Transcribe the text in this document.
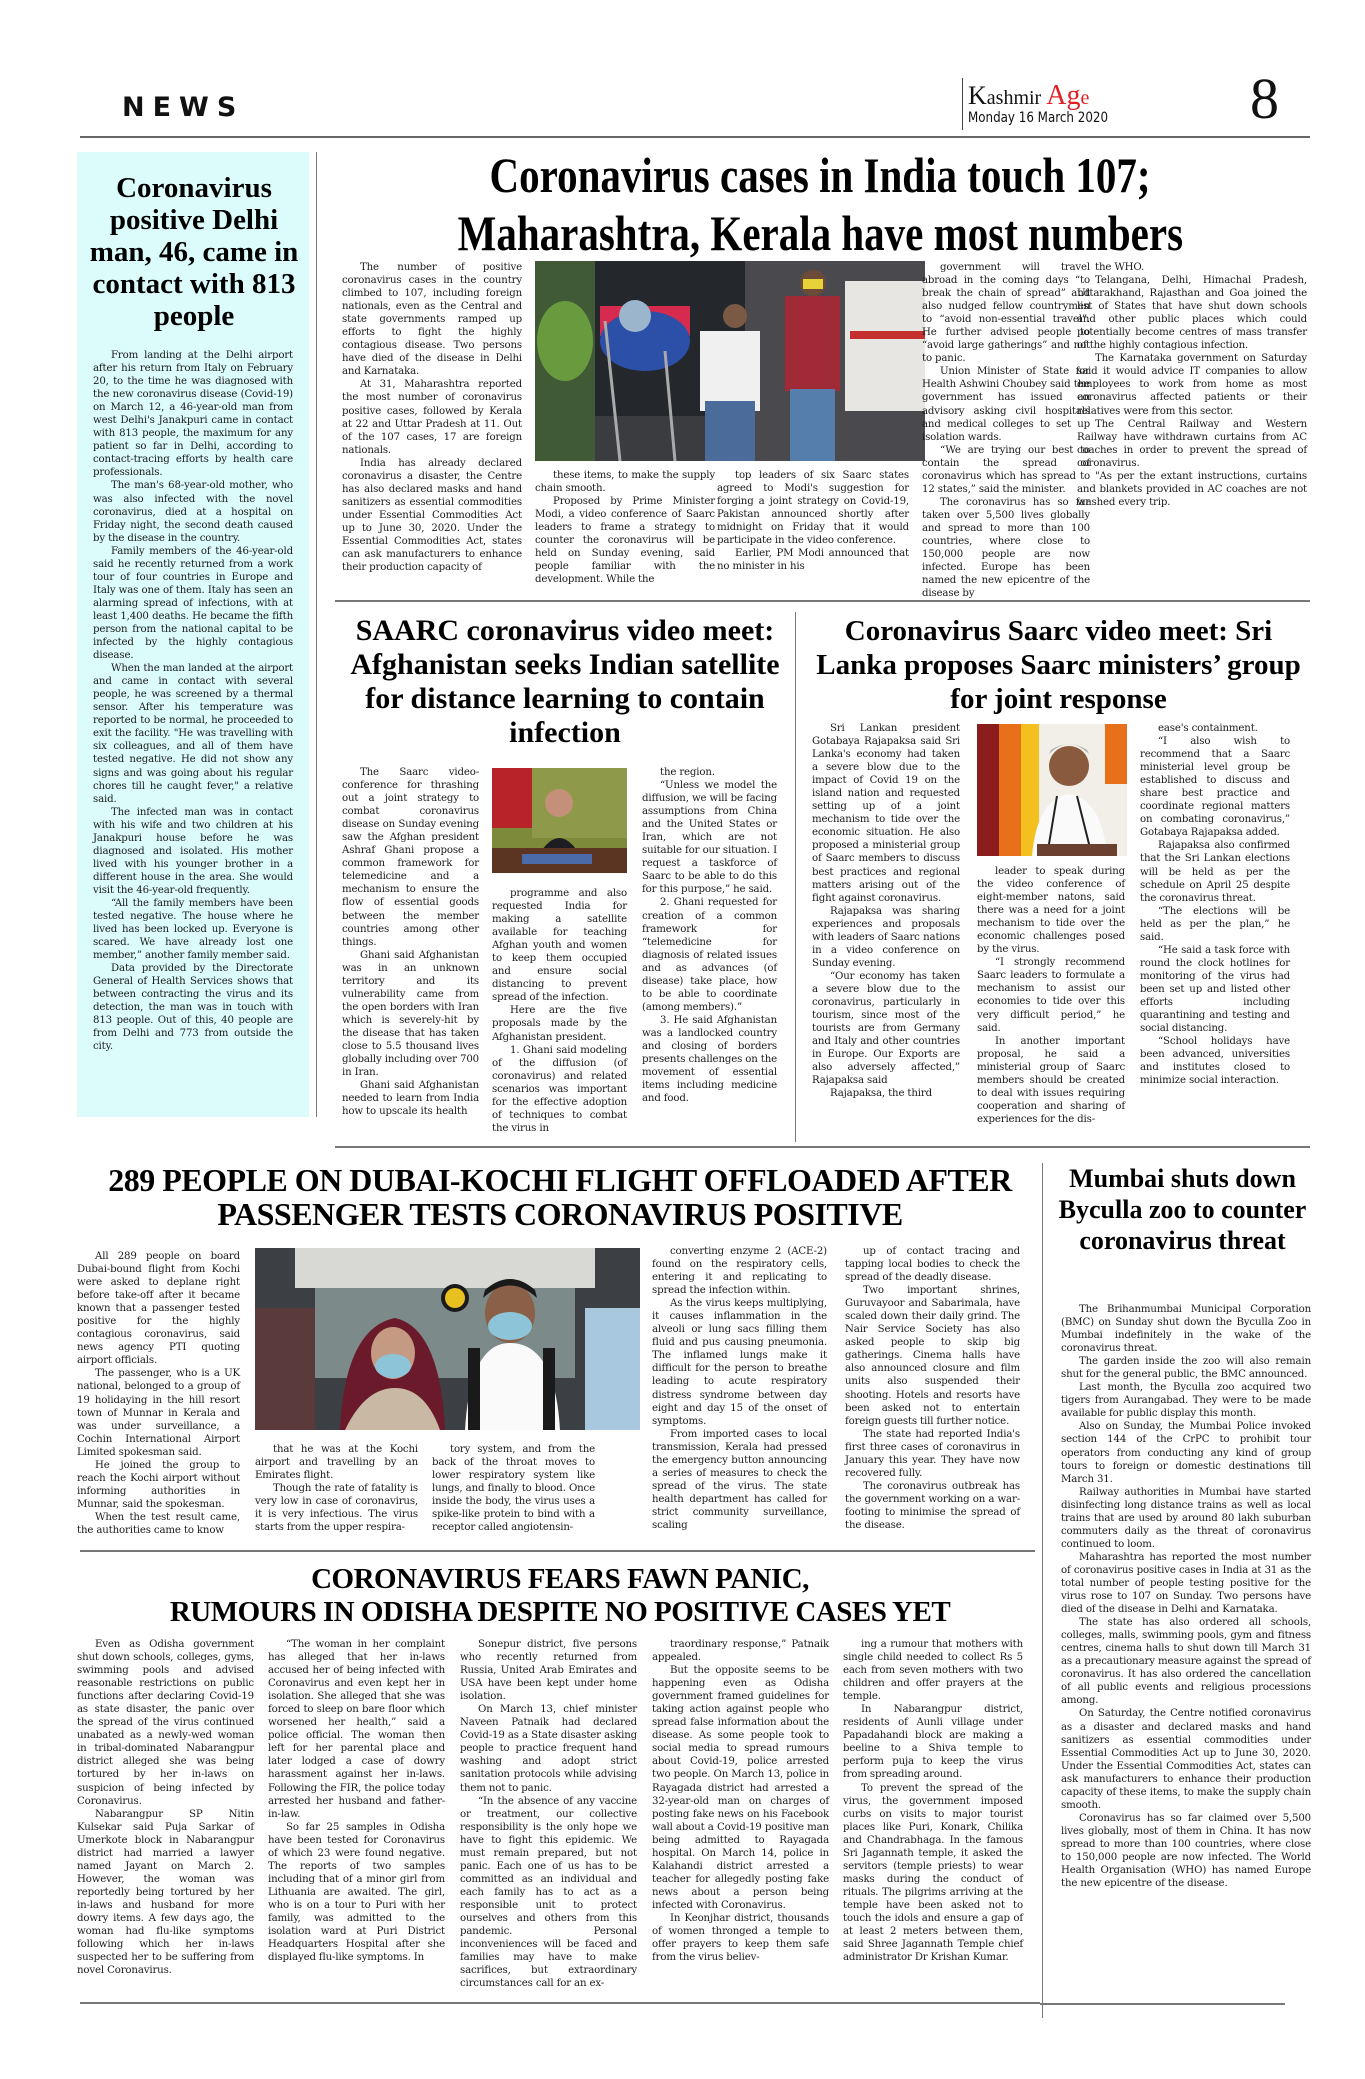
NEWS	Kashmir Age
Monday 16 March 2020 8
Coronavirus positive Delhi man, 46, came in contact with 813 people

From landing at the Delhi airport after his return from Italy on February 20, to the time he was diagnosed with the new coronavirus disease (Covid-19) on March 12, a 46-year-old man from west Delhi's Janakpuri came in contact with 813 people, the maximum for any patient so far in Delhi, according to contact-tracing efforts by health care professionals.

The man's 68-year-old mother, who was also infected with the novel coronavirus, died at a hospital on Friday night, the second death caused by the disease in the country.

Family members of the 46-year-old said he recently returned from a work tour of four countries in Europe and Italy was one of them. Italy has seen an alarming spread of infections, with at least 1,400 deaths. He became the fifth person from the national capital to be infected by the highly contagious disease.

When the man landed at the airport and came in contact with several people, he was screened by a thermal sensor. After his temperature was reported to be normal, he proceeded to exit the facility. "He was travelling with six colleagues, and all of them have tested negative. He did not show any signs and was going about his regular chores till he caught fever," a relative said.

The infected man was in contact with his wife and two children at his Janakpuri house before he was diagnosed and isolated. His mother lived with his younger brother in a different house in the area. She would visit the 46-year-old frequently.

“All the family members have been tested negative. The house where he lived has been locked up. Everyone is scared. We have already lost one member,” another family member said.

Data provided by the Directorate General of Health Services shows that between contracting the virus and its detection, the man was in touch with 813 people. Out of this, 40 people are from Delhi and 773 from outside the city.

Coronavirus cases in India touch 107;
Maharashtra, Kerala have most numbers

The number of positive coronavirus cases in the country climbed to 107, including foreign nationals, even as the Central and state governments ramped up efforts to fight the highly contagious disease. Two persons have died of the disease in Delhi and Karnataka.

At 31, Maharashtra reported the most number of coronavirus positive cases, followed by Kerala at 22 and Uttar Pradesh at 11. Out of the 107 cases, 17 are foreign nationals.

India has already declared coronavirus a disaster, the Centre has also declared masks and hand sanitizers as essential commodities under Essential Commodities Act up to June 30, 2020. Under the Essential Commodities Act, states can ask manufacturers to enhance their production capacity of

these items, to make the supply chain smooth.

Proposed by Prime Minister Modi, a video conference of Saarc leaders to frame a strategy to counter the coronavirus will be held on Sunday evening, said people familiar with the development. While the

top leaders of six Saarc states agreed to Modi's suggestion for forging a joint strategy on Covid-19, Pakistan announced shortly after midnight on Friday that it would participate in the video conference.

Earlier, PM Modi announced that no minister in his

government will travel abroad in the coming days “to break the chain of spread” and also nudged fellow countrymen to “avoid non-essential travel”. He further advised people to “avoid large gatherings” and not to panic.

Union Minister of State for Health Ashwini Choubey said the government has issued an advisory asking civil hospitals and medical colleges to set up isolation wards.

“We are trying our best to contain the spread of coronavirus which has spread to 12 states,” said the minister.

The coronavirus has so far taken over 5,500 lives globally and spread to more than 100 countries, where close to 150,000 people are now infected. Europe has been named the new epicentre of the disease by

the WHO.

Telangana, Delhi, Himachal Pradesh, Uttarakhand, Rajasthan and Goa joined the list of States that have shut down schools and other public places which could potentially become centres of mass transfer of the highly contagious infection.

The Karnataka government on Saturday said it would advice IT companies to allow employees to work from home as most coronavirus affected patients or their relatives were from this sector.

The Central Railway and Western Railway have withdrawn curtains from AC coaches in order to prevent the spread of coronavirus.

"As per the extant instructions, curtains and blankets provided in AC coaches are not washed every trip.

SAARC coronavirus video meet: Afghanistan seeks Indian satellite for distance learning to contain infection

The Saarc video-conference for thrashing out a joint strategy to combat coronavirus disease on Sunday evening saw the Afghan president Ashraf Ghani propose a common framework for telemedicine and a mechanism to ensure the flow of essential goods between the member countries among other things.

Ghani said Afghanistan was in an unknown territory and its vulnerability came from the open borders with Iran which is severely-hit by the disease that has taken close to 5.5 thousand lives globally including over 700 in Iran.

Ghani said Afghanistan needed to learn from India how to upscale its health

programme and also requested India for making a satellite available for teaching Afghan youth and women to keep them occupied and ensure social distancing to prevent spread of the infection.

Here are the five proposals made by the Afghanistan president.

1. Ghani said modeling of the diffusion (of coronavirus) and related scenarios was important for the effective adoption of techniques to combat the virus in

the region.

“Unless we model the diffusion, we will be facing assumptions from China and the United States or Iran, which are not suitable for our situation. I request a taskforce of Saarc to be able to do this for this purpose,” he said.

2. Ghani requested for creation of a common framework for “telemedicine for diagnosis of related issues and as advances (of disease) take place, how to be able to coordinate (among members).”

3. He said Afghanistan was a landlocked country and closing of borders presents challenges on the movement of essential items including medicine and food.

Coronavirus Saarc video meet: Sri Lanka proposes Saarc ministers’ group for joint response

Sri Lankan president Gotabaya Rajapaksa said Sri Lanka's economy had taken a severe blow due to the impact of Covid 19 on the island nation and requested setting up of a joint mechanism to tide over the economic situation. He also proposed a ministerial group of Saarc members to discuss best practices and regional matters arising out of the fight against coronavirus.

Rajapaksa was sharing experiences and proposals with leaders of Saarc nations in a video conference on Sunday evening.

“Our economy has taken a severe blow due to the coronavirus, particularly in tourism, since most of the tourists are from Germany and Italy and other countries in Europe. Our Exports are also adversely affected,” Rajapaksa said

Rajapaksa, the third

leader to speak during the video conference of eight-member natons, said there was a need for a joint mechanism to tide over the economic challenges posed by the virus.

“I strongly recommend Saarc leaders to formulate a mechanism to assist our economies to tide over this very difficult period,” he said.

In another important proposal, he said a ministerial group of Saarc members should be created to deal with issues requiring cooperation and sharing of experiences for the dis-

ease's containment.

“I also wish to recommend that a Saarc ministerial level group be established to discuss and share best practice and coordinate regional matters on combating coronavirus,” Gotabaya Rajapaksa added.

Rajapaksa also confirmed that the Sri Lankan elections will be held as per the schedule on April 25 despite the coronavirus threat.

“The elections will be held as per the plan,” he said.

“He said a task force with round the clock hotlines for monitoring of the virus had been set up and listed other efforts including quarantining and testing and social distancing.

“School holidays have been advanced, universities and institutes closed to minimize social interaction.

289 PEOPLE ON DUBAI-KOCHI FLIGHT OFFLOADED AFTER
PASSENGER TESTS CORONAVIRUS POSITIVE

All 289 people on board Dubai-bound flight from Kochi were asked to deplane right before take-off after it became known that a passenger tested positive for the highly contagious coronavirus, said news agency PTI quoting airport officials.

The passenger, who is a UK national, belonged to a group of 19 holidaying in the hill resort town of Munnar in Kerala and was under surveillance, a Cochin International Airport Limited spokesman said.

He joined the group to reach the Kochi airport without informing authorities in Munnar, said the spokesman.

When the test result came, the authorities came to know

that he was at the Kochi airport and travelling by an Emirates flight.

Though the rate of fatality is very low in case of coronavirus, it is very infectious. The virus starts from the upper respira-

tory system, and from the back of the throat moves to lower respiratory system like lungs, and finally to blood. Once inside the body, the virus uses a spike-like protein to bind with a receptor called angiotensin-

converting enzyme 2 (ACE-2) found on the respiratory cells, entering it and replicating to spread the infection within.

As the virus keeps multiplying, it causes inflammation in the alveoli or lung sacs filling them fluid and pus causing pneumonia. The inflamed lungs make it difficult for the person to breathe leading to acute respiratory distress syndrome between day eight and day 15 of the onset of symptoms.

From imported cases to local transmission, Kerala had pressed the emergency button announcing a series of measures to check the spread of the virus. The state health department has called for strict community surveillance, scaling

up of contact tracing and tapping local bodies to check the spread of the deadly disease.

Two important shrines, Guruvayoor and Sabarimala, have scaled down their daily grind. The Nair Service Society has also asked people to skip big gatherings. Cinema halls have also announced closure and film units also suspended their shooting. Hotels and resorts have been asked not to entertain foreign guests till further notice.

The state had reported India's first three cases of coronavirus in January this year. They have now recovered fully.

The coronavirus outbreak has the government working on a war-footing to minimise the spread of the disease.

Mumbai shuts down Byculla zoo to counter coronavirus threat

The Brihanmumbai Municipal Corporation (BMC) on Sunday shut down the Byculla Zoo in Mumbai indefinitely in the wake of the coronavirus threat.

The garden inside the zoo will also remain shut for the general public, the BMC announced.

Last month, the Byculla zoo acquired two tigers from Aurangabad. They were to be made available for public display this month.

Also on Sunday, the Mumbai Police invoked section 144 of the CrPC to prohibit tour operators from conducting any kind of group tours to foreign or domestic destinations till March 31.

Railway authorities in Mumbai have started disinfecting long distance trains as well as local trains that are used by around 80 lakh suburban commuters daily as the threat of coronavirus continued to loom.

Maharashtra has reported the most number of coronavirus positive cases in India at 31 as the total number of people testing positive for the virus rose to 107 on Sunday. Two persons have died of the disease in Delhi and Karnataka.

The state has also ordered all schools, colleges, malls, swimming pools, gym and fitness centres, cinema halls to shut down till March 31 as a precautionary measure against the spread of coronavirus. It has also ordered the cancellation of all public events and religious processions among.

On Saturday, the Centre notified coronavirus as a disaster and declared masks and hand sanitizers as essential commodities under Essential Commodities Act up to June 30, 2020. Under the Essential Commodities Act, states can ask manufacturers to enhance their production capacity of these items, to make the supply chain smooth.

Coronavirus has so far claimed over 5,500 lives globally, most of them in China. It has now spread to more than 100 countries, where close to 150,000 people are now infected. The World Health Organisation (WHO) has named Europe the new epicentre of the disease.

CORONAVIRUS FEARS FAWN PANIC,
RUMOURS IN ODISHA DESPITE NO POSITIVE CASES YET

Even as Odisha government shut down schools, colleges, gyms, swimming pools and advised reasonable restrictions on public functions after declaring Covid-19 as state disaster, the panic over the spread of the virus continued unabated as a newly-wed woman in tribal-dominated Nabarangpur district alleged she was being tortured by her in-laws on suspicion of being infected by Coronavirus.

Nabarangpur SP Nitin Kulsekar said Puja Sarkar of Umerkote block in Nabarangpur district had married a lawyer named Jayant on March 2. However, the woman was reportedly being tortured by her in-laws and husband for more dowry items. A few days ago, the woman had flu-like symptoms following which her in-laws suspected her to be suffering from novel Coronavirus.

“The woman in her complaint has alleged that her in-laws accused her of being infected with Coronavirus and even kept her in isolation. She alleged that she was forced to sleep on bare floor which worsened her health,” said a police official. The woman then left for her parental place and later lodged a case of dowry harassment against her in-laws. Following the FIR, the police today arrested her husband and father-in-law.

So far 25 samples in Odisha have been tested for Coronavirus of which 23 were found negative. The reports of two samples including that of a minor girl from Lithuania are awaited. The girl, who is on a tour to Puri with her family, was admitted to the isolation ward at Puri District Headquarters Hospital after she displayed flu-like symptoms. In

Sonepur district, five persons who recently returned from Russia, United Arab Emirates and USA have been kept under home isolation.

On March 13, chief minister Naveen Patnaik had declared Covid-19 as a State disaster asking people to practice frequent hand washing and adopt strict sanitation protocols while advising them not to panic.

“In the absence of any vaccine or treatment, our collective responsibility is the only hope we have to fight this epidemic. We must remain prepared, but not panic. Each one of us has to be committed as an individual and each family has to act as a responsible unit to protect ourselves and others from this pandemic. Personal inconveniences will be faced and families may have to make sacrifices, but extraordinary circumstances call for an ex-

traordinary response,” Patnaik appealed.

But the opposite seems to be happening even as Odisha government framed guidelines for taking action against people who spread false information about the disease. As some people took to social media to spread rumours about Covid-19, police arrested two people. On March 13, police in Rayagada district had arrested a 32-year-old man on charges of posting fake news on his Facebook wall about a Covid-19 positive man being admitted to Rayagada hospital. On March 14, police in Kalahandi district arrested a teacher for allegedly posting fake news about a person being infected with Coronavirus.

In Keonjhar district, thousands of women thronged a temple to offer prayers to keep them safe from the virus believ-

ing a rumour that mothers with single child needed to collect Rs 5 each from seven mothers with two children and offer prayers at the temple.

In Nabarangpur district, residents of Aunli village under Papadahandi block are making a beeline to a Shiva temple to perform puja to keep the virus from spreading around.

To prevent the spread of the virus, the government imposed curbs on visits to major tourist places like Puri, Konark, Chilika and Chandrabhaga. In the famous Sri Jagannath temple, it asked the servitors (temple priests) to wear masks during the conduct of rituals. The pilgrims arriving at the temple have been asked not to touch the idols and ensure a gap of at least 2 meters between them, said Shree Jagannath Temple chief administrator Dr Krishan Kumar.
